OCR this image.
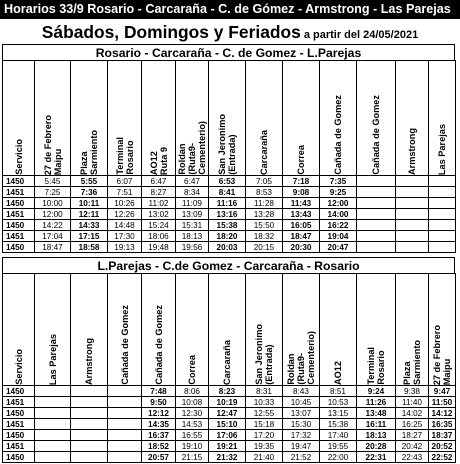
Horarios 33/9 Rosario - Carcaraña - C. de Gómez - Armstrong - Las Parejas
Sábados, Domingos y Feriados a partir del 24/05/2021
Rosario - Carcaraña - C. de Gomez - L.Parejas
Servicio	27 de Febrero
Maipu	Plaza
Sarmiento	Terminal
Rosario	AO12
Ruta 9	Roldan
(Ruta9-
Cementerio)	San Jeronimo
(Entrada)	Carcaraña	Correa	Cañada de Gomez	Cañada de Gomez	Armstrong	Las Parejas

1450	5:45	5:55	6:07	6:47	6:47	6:53	7:05	7:18	7:35			
1451	7:25	7:36	7:51	8:27	8:34	8:41	8:53	9:08	9:25			
1450	10:00	10:11	10:26	11:02	11:09	11:16	11:28	11:43	12:00			
1451	12:00	12:11	12:26	13:02	13:09	13:16	13:28	13:43	14:00			
1450	14:22	14:33	14:48	15:24	15:31	15:38	15:50	16:05	16:22			
1451	17:04	17:15	17:30	18:06	18:13	18:20	18:32	18:47	19:04			
1450	18:47	18:58	19:13	19:48	19:56	20:03	20:15	20:30	20:47			
L.Parejas - C.de Gomez - Carcaraña - Rosario
Servicio	Las Parejas	Armstrong	Cañada de Gomez	Cañada de Gomez	Correa	Carcaraña	San Jeronimo
(Entrada)	Roldan
(Ruta9-
Cementerio)	AO12	Terminal
Rosario	Plaza
Sarmiento	27 de Febrero
Maipu

1450				7:48	8:06	8:23	8:31	8:43	8:51	9:24	9:38	9:47
1451				9:50	10:08	10:19	10:33	10:45	10:53	11:26	11:40	11:50
1450				12:12	12:30	12:47	12:55	13:07	13:15	13:48	14:02	14:12
1451				14:35	14:53	15:10	15:18	15:30	15:38	16:11	16:25	16:35
1450				16:37	16:55	17:06	17:20	17:32	17:40	18:13	18:27	18:37
1451				18:52	19:10	19:21	19:35	19:47	19:55	20:28	20:42	20:52
1450				20:57	21:15	21:32	21:40	21:52	22:00	22:31	22:43	22:52
